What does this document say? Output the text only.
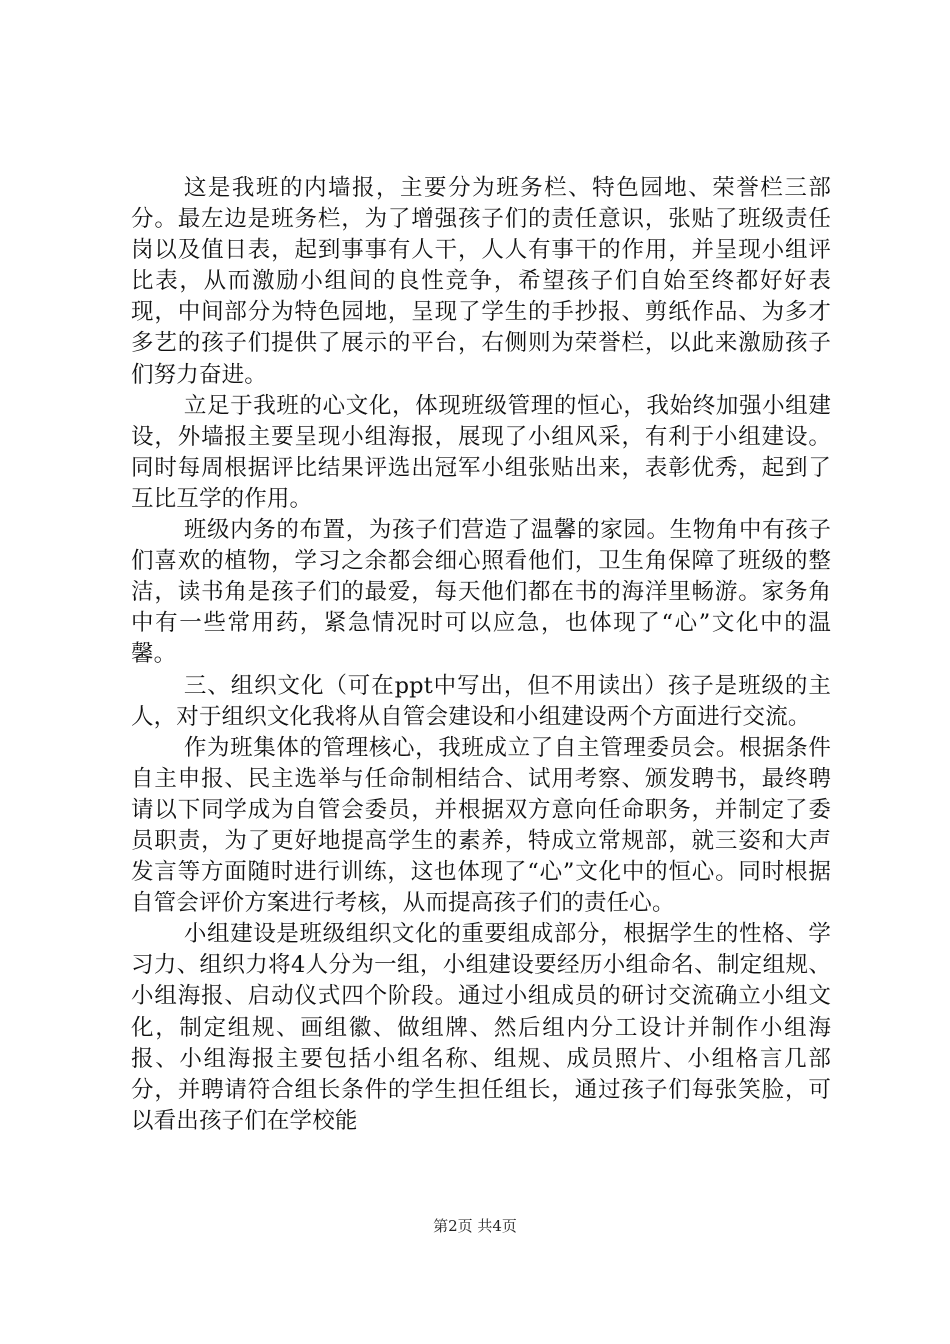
这是我班的内墙报，主要分为班务栏、特色园地、荣誉栏三部分。最左边是班务栏，为了增强孩子们的责任意识，张贴了班级责任岗以及值日表，起到事事有人干，人人有事干的作用，并呈现小组评比表，从而激励小组间的良性竞争，希望孩子们自始至终都好好表现，中间部分为特色园地，呈现了学生的手抄报、剪纸作品、为多才多艺的孩子们提供了展示的平台，右侧则为荣誉栏，以此来激励孩子们努力奋进。

立足于我班的心文化，体现班级管理的恒心，我始终加强小组建设，外墙报主要呈现小组海报，展现了小组风采，有利于小组建设。同时每周根据评比结果评选出冠军小组张贴出来，表彰优秀，起到了互比互学的作用。

班级内务的布置，为孩子们营造了温馨的家园。生物角中有孩子们喜欢的植物，学习之余都会细心照看他们，卫生角保障了班级的整洁，读书角是孩子们的最爱，每天他们都在书的海洋里畅游。家务角中有一些常用药，紧急情况时可以应急，也体现了“心”文化中的温馨。

三、组织文化（可在ppt中写出，但不用读出）孩子是班级的主人，对于组织文化我将从自管会建设和小组建设两个方面进行交流。

作为班集体的管理核心，我班成立了自主管理委员会。根据条件自主申报、民主选举与任命制相结合、试用考察、颁发聘书，最终聘请以下同学成为自管会委员，并根据双方意向任命职务，并制定了委员职责，为了更好地提高学生的素养，特成立常规部，就三姿和大声发言等方面随时进行训练，这也体现了“心”文化中的恒心。同时根据自管会评价方案进行考核，从而提高孩子们的责任心。

小组建设是班级组织文化的重要组成部分，根据学生的性格、学习力、组织力将4人分为一组，小组建设要经历小组命名、制定组规、小组海报、启动仪式四个阶段。通过小组成员的研讨交流确立小组文化，制定组规、画组徽、做组牌、然后组内分工设计并制作小组海报、小组海报主要包括小组名称、组规、成员照片、小组格言几部分，并聘请符合组长条件的学生担任组长，通过孩子们每张笑脸，可以看出孩子们在学校能

第2页 共4页
